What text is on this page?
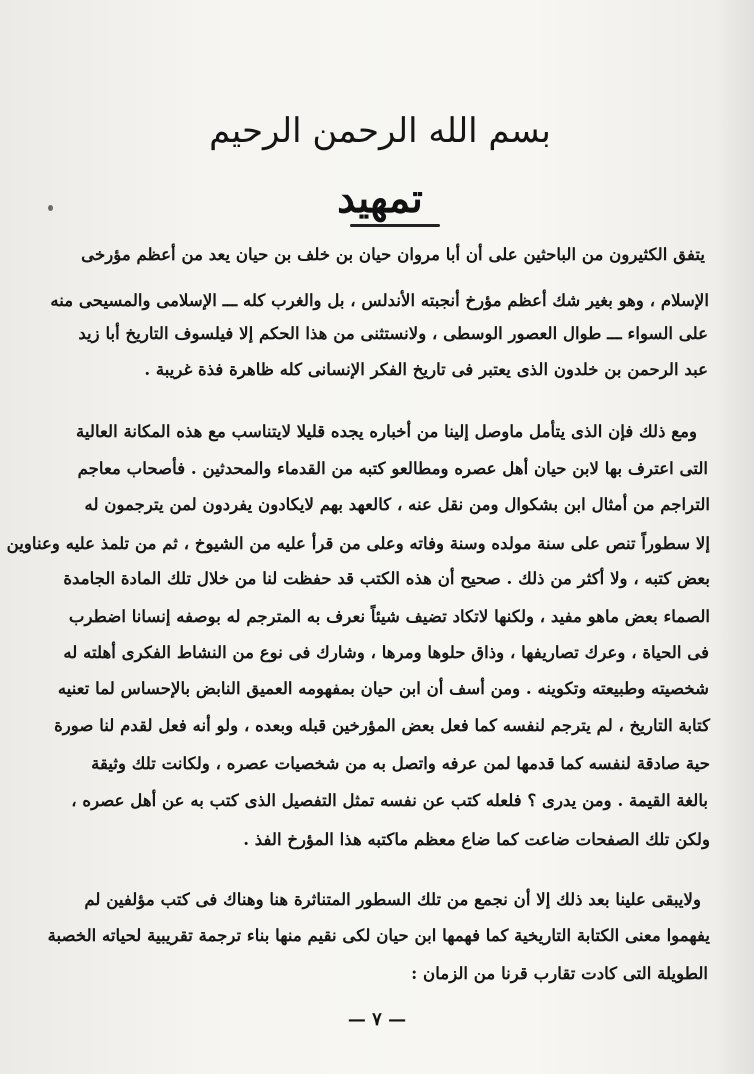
بسم الله الرحمن الرحيم
تمهيد
يتفق الكثيرون من الباحثين على أن أبا مروان حيان بن خلف بن حيان يعد من أعظم مؤرخى
الإسلام ، وهو بغير شك أعظم مؤرخ أنجبته الأندلس ، بل والغرب كله ـــ الإسلامى والمسيحى منه
على السواء ـــ طوال العصور الوسطى ، ولانستثنى من هذا الحكم إلا فيلسوف التاريخ أبا زيد
عبد الرحمن بن خلدون الذى يعتبر فى تاريخ الفكر الإنسانى كله ظاهرة فذة غريبة .
ومع ذلك فإن الذى يتأمل ماوصل إلينا من أخباره يجده قليلا لايتناسب مع هذه المكانة العالية
التى اعترف بها لابن حيان أهل عصره ومطالعو كتبه من القدماء والمحدثين . فأصحاب معاجم
التراجم من أمثال ابن بشكوال ومن نقل عنه ، كالعهد بهم لايكادون يفردون لمن يترجمون له
إلا سطوراً تنص على سنة مولده وسنة وفاته وعلى من قرأ عليه من الشيوخ ، ثم من تلمذ عليه وعناوين
بعض كتبه ، ولا أكثر من ذلك . صحيح أن هذه الكتب قد حفظت لنا من خلال تلك المادة الجامدة
الصماء بعض ماهو مفيد ، ولكنها لاتكاد تضيف شيئاً نعرف به المترجم له بوصفه إنسانا اضطرب
فى الحياة ، وعرك تصاريفها ، وذاق حلوها ومرها ، وشارك فى نوع من النشاط الفكرى أهلته له
شخصيته وطبيعته وتكوينه . ومن أسف أن ابن حيان بمفهومه العميق النابض بالإحساس لما تعنيه
كتابة التاريخ ، لم يترجم لنفسه كما فعل بعض المؤرخين قبله وبعده ، ولو أنه فعل لقدم لنا صورة
حية صادقة لنفسه كما قدمها لمن عرفه واتصل به من شخصيات عصره ، ولكانت تلك وثيقة
بالغة القيمة . ومن يدرى ؟ فلعله كتب عن نفسه تمثل التفصيل الذى كتب به عن أهل عصره ،
ولكن تلك الصفحات ضاعت كما ضاع معظم ماكتبه هذا المؤرخ الفذ .
ولايبقى علينا بعد ذلك إلا أن نجمع من تلك السطور المتناثرة هنا وهناك فى كتب مؤلفين لم
يفهموا معنى الكتابة التاريخية كما فهمها ابن حيان لكى نقيم منها بناء ترجمة تقريبية لحياته الخصبة
الطويلة التى كادت تقارب قرنا من الزمان :
— ٧ —
